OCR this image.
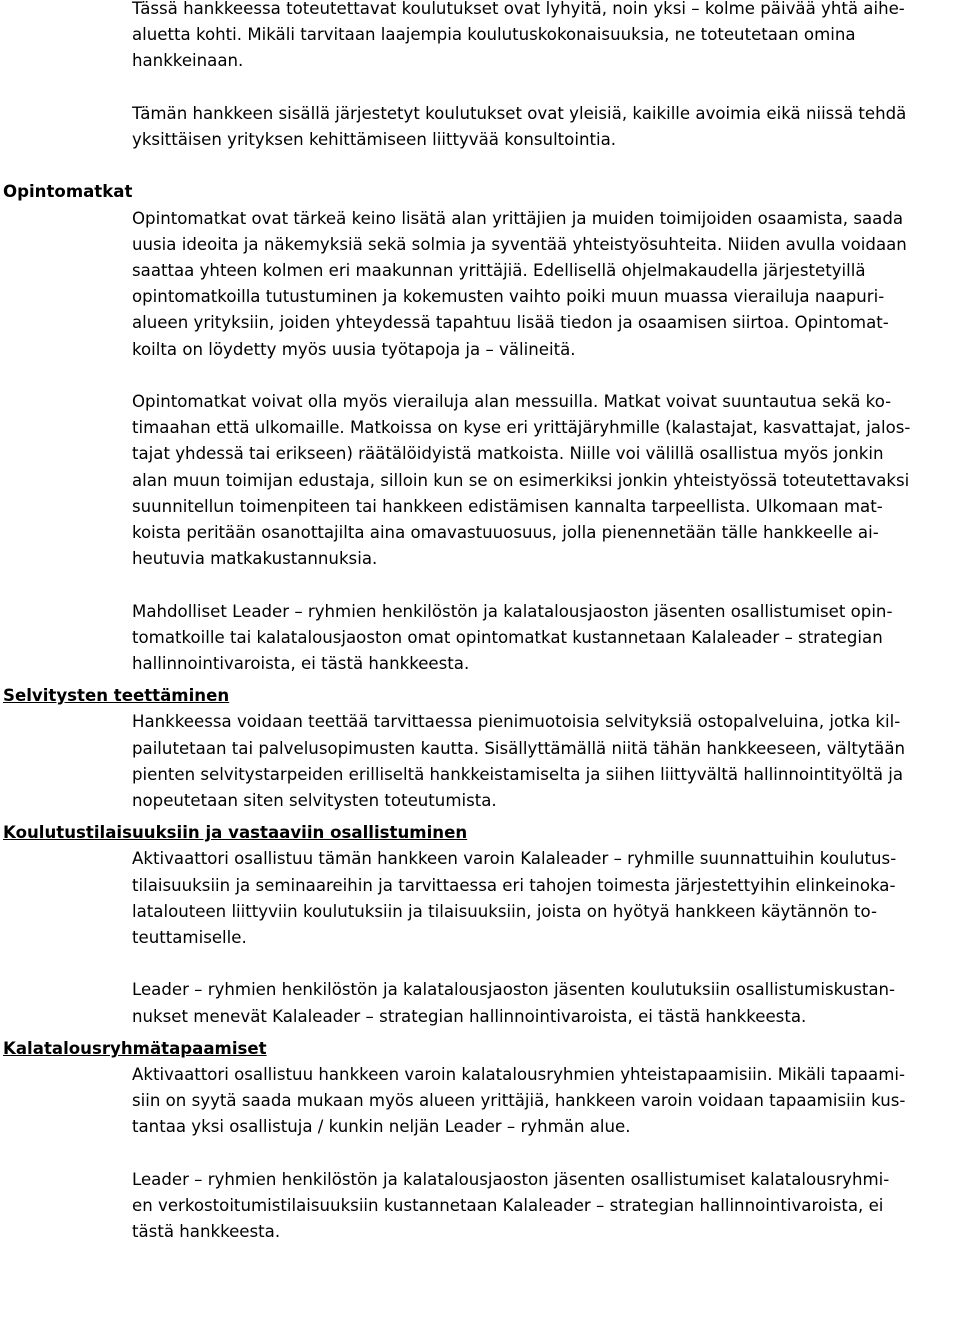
Tässä hankkeessa toteutettavat koulutukset ovat lyhyitä, noin yksi – kolme päivää yhtä aihe-
aluetta kohti. Mikäli tarvitaan laajempia koulutuskokonaisuuksia, ne toteutetaan omina
hankkeinaan.

Tämän hankkeen sisällä järjestetyt koulutukset ovat yleisiä, kaikille avoimia eikä niissä tehdä
yksittäisen yrityksen kehittämiseen liittyvää konsultointia.

Opintomatkat

Opintomatkat ovat tärkeä keino lisätä alan yrittäjien ja muiden toimijoiden osaamista, saada
uusia ideoita ja näkemyksiä sekä solmia ja syventää yhteistyösuhteita. Niiden avulla voidaan
saattaa yhteen kolmen eri maakunnan yrittäjiä. Edellisellä ohjelmakaudella järjestetyillä
opintomatkoilla tutustuminen ja kokemusten vaihto poiki muun muassa vierailuja naapuri-
alueen yrityksiin, joiden yhteydessä tapahtuu lisää tiedon ja osaamisen siirtoa. Opintomat-
koilta on löydetty myös uusia työtapoja ja – välineitä.

Opintomatkat voivat olla myös vierailuja alan messuilla. Matkat voivat suuntautua sekä ko-
timaahan että ulkomaille. Matkoissa on kyse eri yrittäjäryhmille (kalastajat, kasvattajat, jalos-
tajat yhdessä tai erikseen) räätälöidyistä matkoista. Niille voi välillä osallistua myös jonkin
alan muun toimijan edustaja, silloin kun se on esimerkiksi jonkin yhteistyössä toteutettavaksi
suunnitellun toimenpiteen tai hankkeen edistämisen kannalta tarpeellista. Ulkomaan mat-
koista peritään osanottajilta aina omavastuuosuus, jolla pienennetään tälle hankkeelle ai-
heutuvia matkakustannuksia.

Mahdolliset Leader – ryhmien henkilöstön ja kalatalousjaoston jäsenten osallistumiset opin-
tomatkoille tai kalatalousjaoston omat opintomatkat kustannetaan Kalaleader – strategian
hallinnointivaroista, ei tästä hankkeesta.

Selvitysten teettäminen

Hankkeessa voidaan teettää tarvittaessa pienimuotoisia selvityksiä ostopalveluina, jotka kil-
pailutetaan tai palvelusopimusten kautta. Sisällyttämällä niitä tähän hankkeeseen, vältytään
pienten selvitystarpeiden erilliseltä hankkeistamiselta ja siihen liittyvältä hallinnointityöltä ja
nopeutetaan siten selvitysten toteutumista.

Koulutustilaisuuksiin ja vastaaviin osallistuminen

Aktivaattori osallistuu tämän hankkeen varoin Kalaleader – ryhmille suunnattuihin koulutus-
tilaisuuksiin ja seminaareihin ja tarvittaessa eri tahojen toimesta järjestettyihin elinkeinoka-
latalouteen liittyviin koulutuksiin ja tilaisuuksiin, joista on hyötyä hankkeen käytännön to-
teuttamiselle.

Leader – ryhmien henkilöstön ja kalatalousjaoston jäsenten koulutuksiin osallistumiskustan-
nukset menevät Kalaleader – strategian hallinnointivaroista, ei tästä hankkeesta.

Kalatalousryhmätapaamiset

Aktivaattori osallistuu hankkeen varoin kalatalousryhmien yhteistapaamisiin. Mikäli tapaami-
siin on syytä saada mukaan myös alueen yrittäjiä, hankkeen varoin voidaan tapaamisiin kus-
tantaa yksi osallistuja / kunkin neljän Leader – ryhmän alue.

Leader – ryhmien henkilöstön ja kalatalousjaoston jäsenten osallistumiset kalatalousryhmi-
en verkostoitumistilaisuuksiin kustannetaan Kalaleader – strategian hallinnointivaroista, ei
tästä hankkeesta.
